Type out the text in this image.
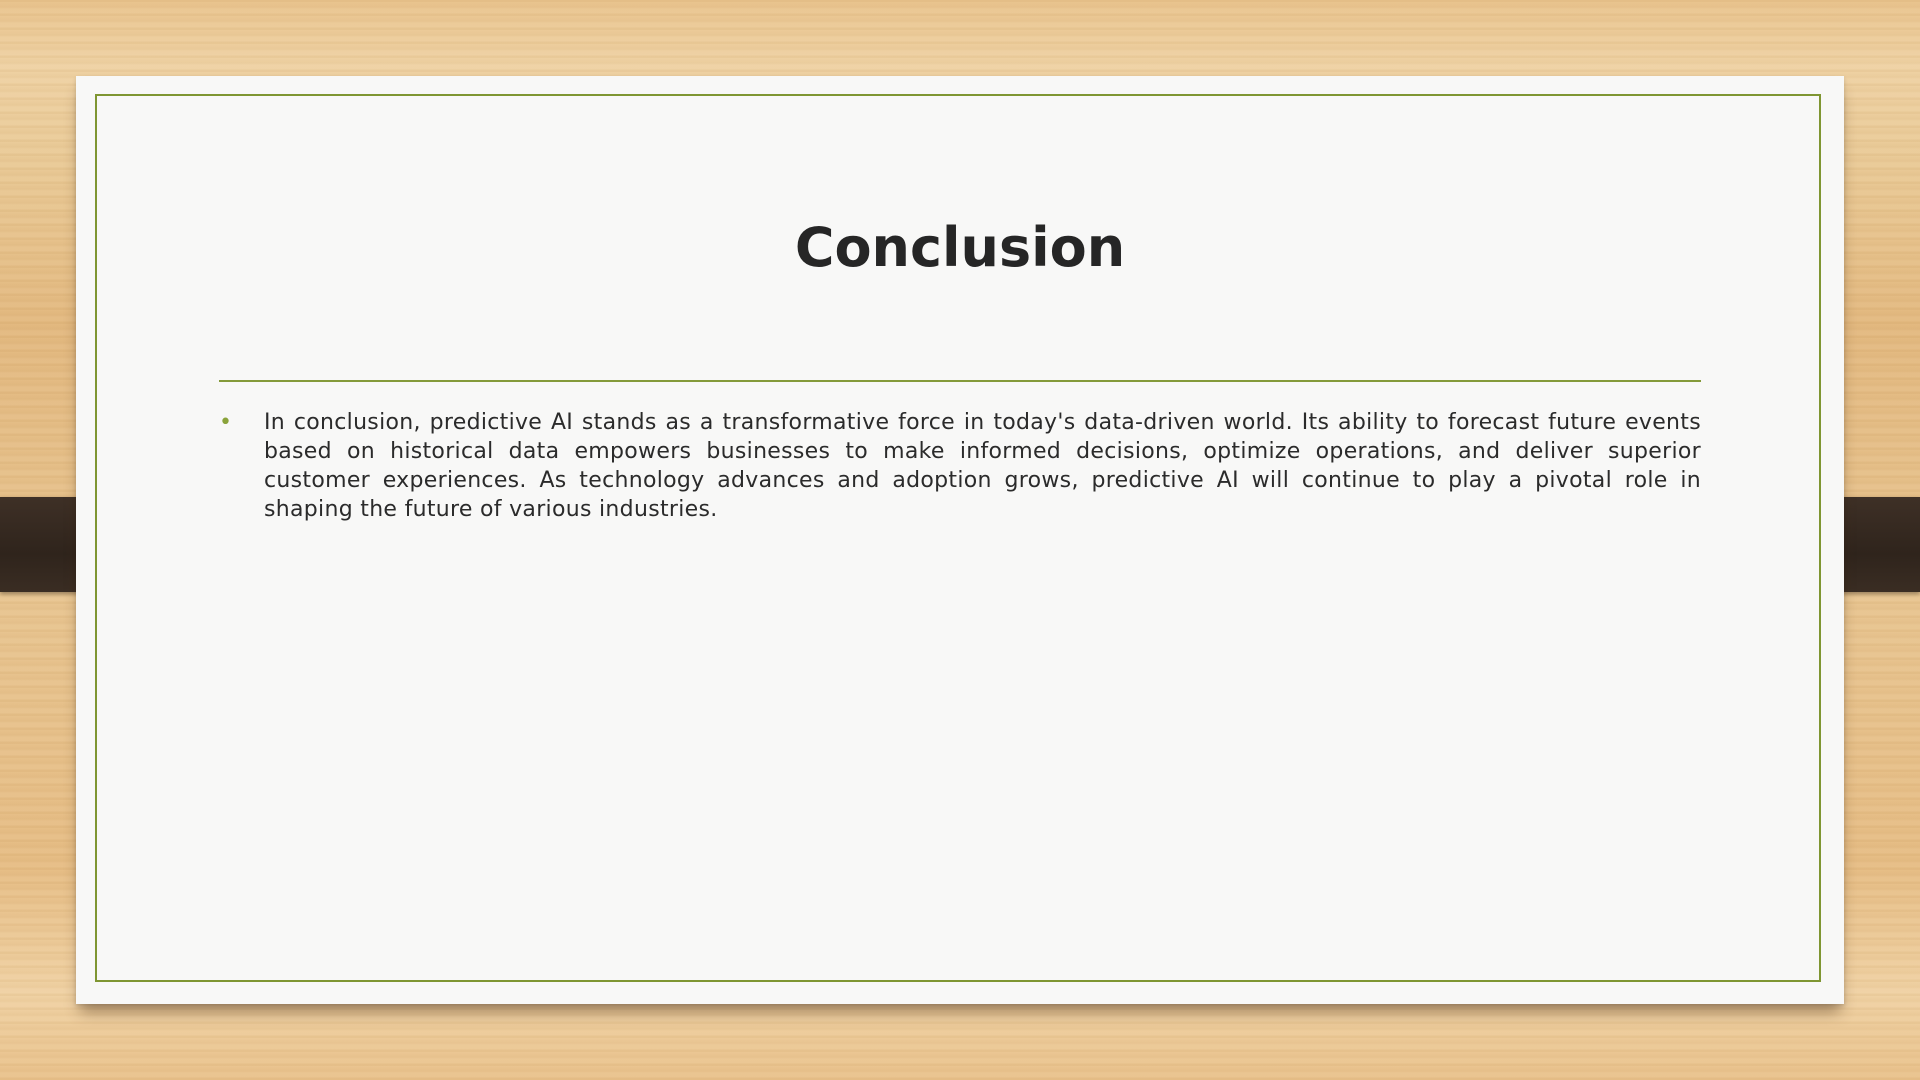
Conclusion
• In conclusion, predictive AI stands as a transformative force in today's data-driven world. Its ability to forecast future events based on historical data empowers businesses to make informed decisions, optimize operations, and deliver superior customer experiences. As technology advances and adoption grows, predictive AI will continue to play a pivotal role in shaping the future of various industries.
